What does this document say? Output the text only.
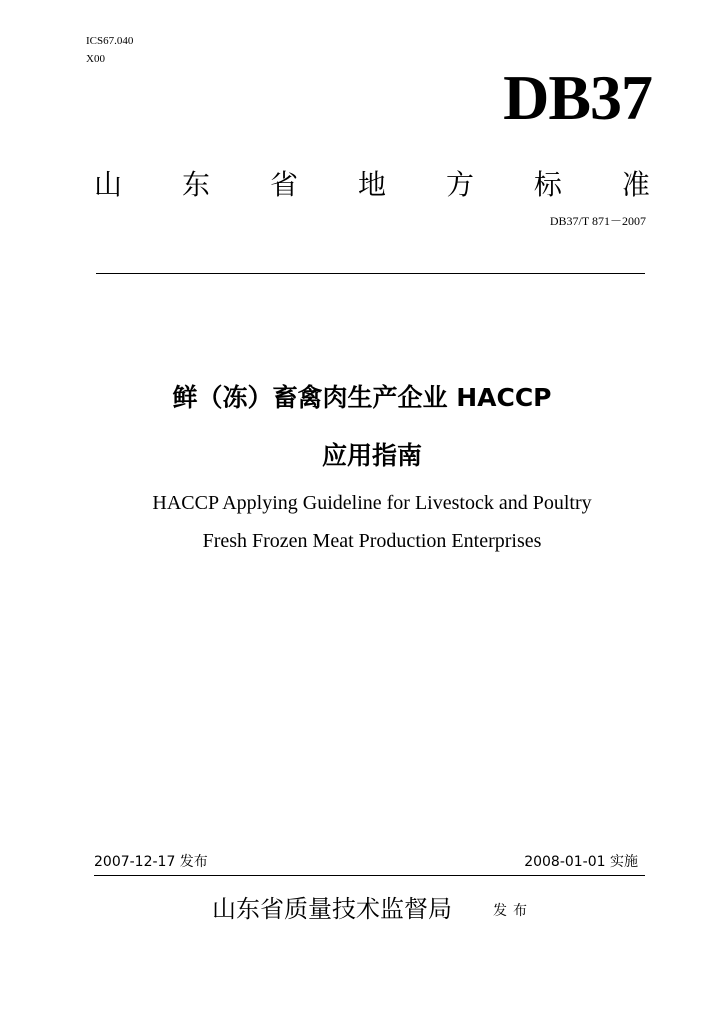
ICS67.040
X00
DB37
山 东 省 地 方 标 准
DB37/T 871－2007
鲜（冻）畜禽肉生产企业 HACCP
应用指南
HACCP Applying Guideline for Livestock and Poultry
Fresh Frozen Meat Production Enterprises
2007-12-17 发布	2008-01-01 实施
山东省质量技术监督局	发布
